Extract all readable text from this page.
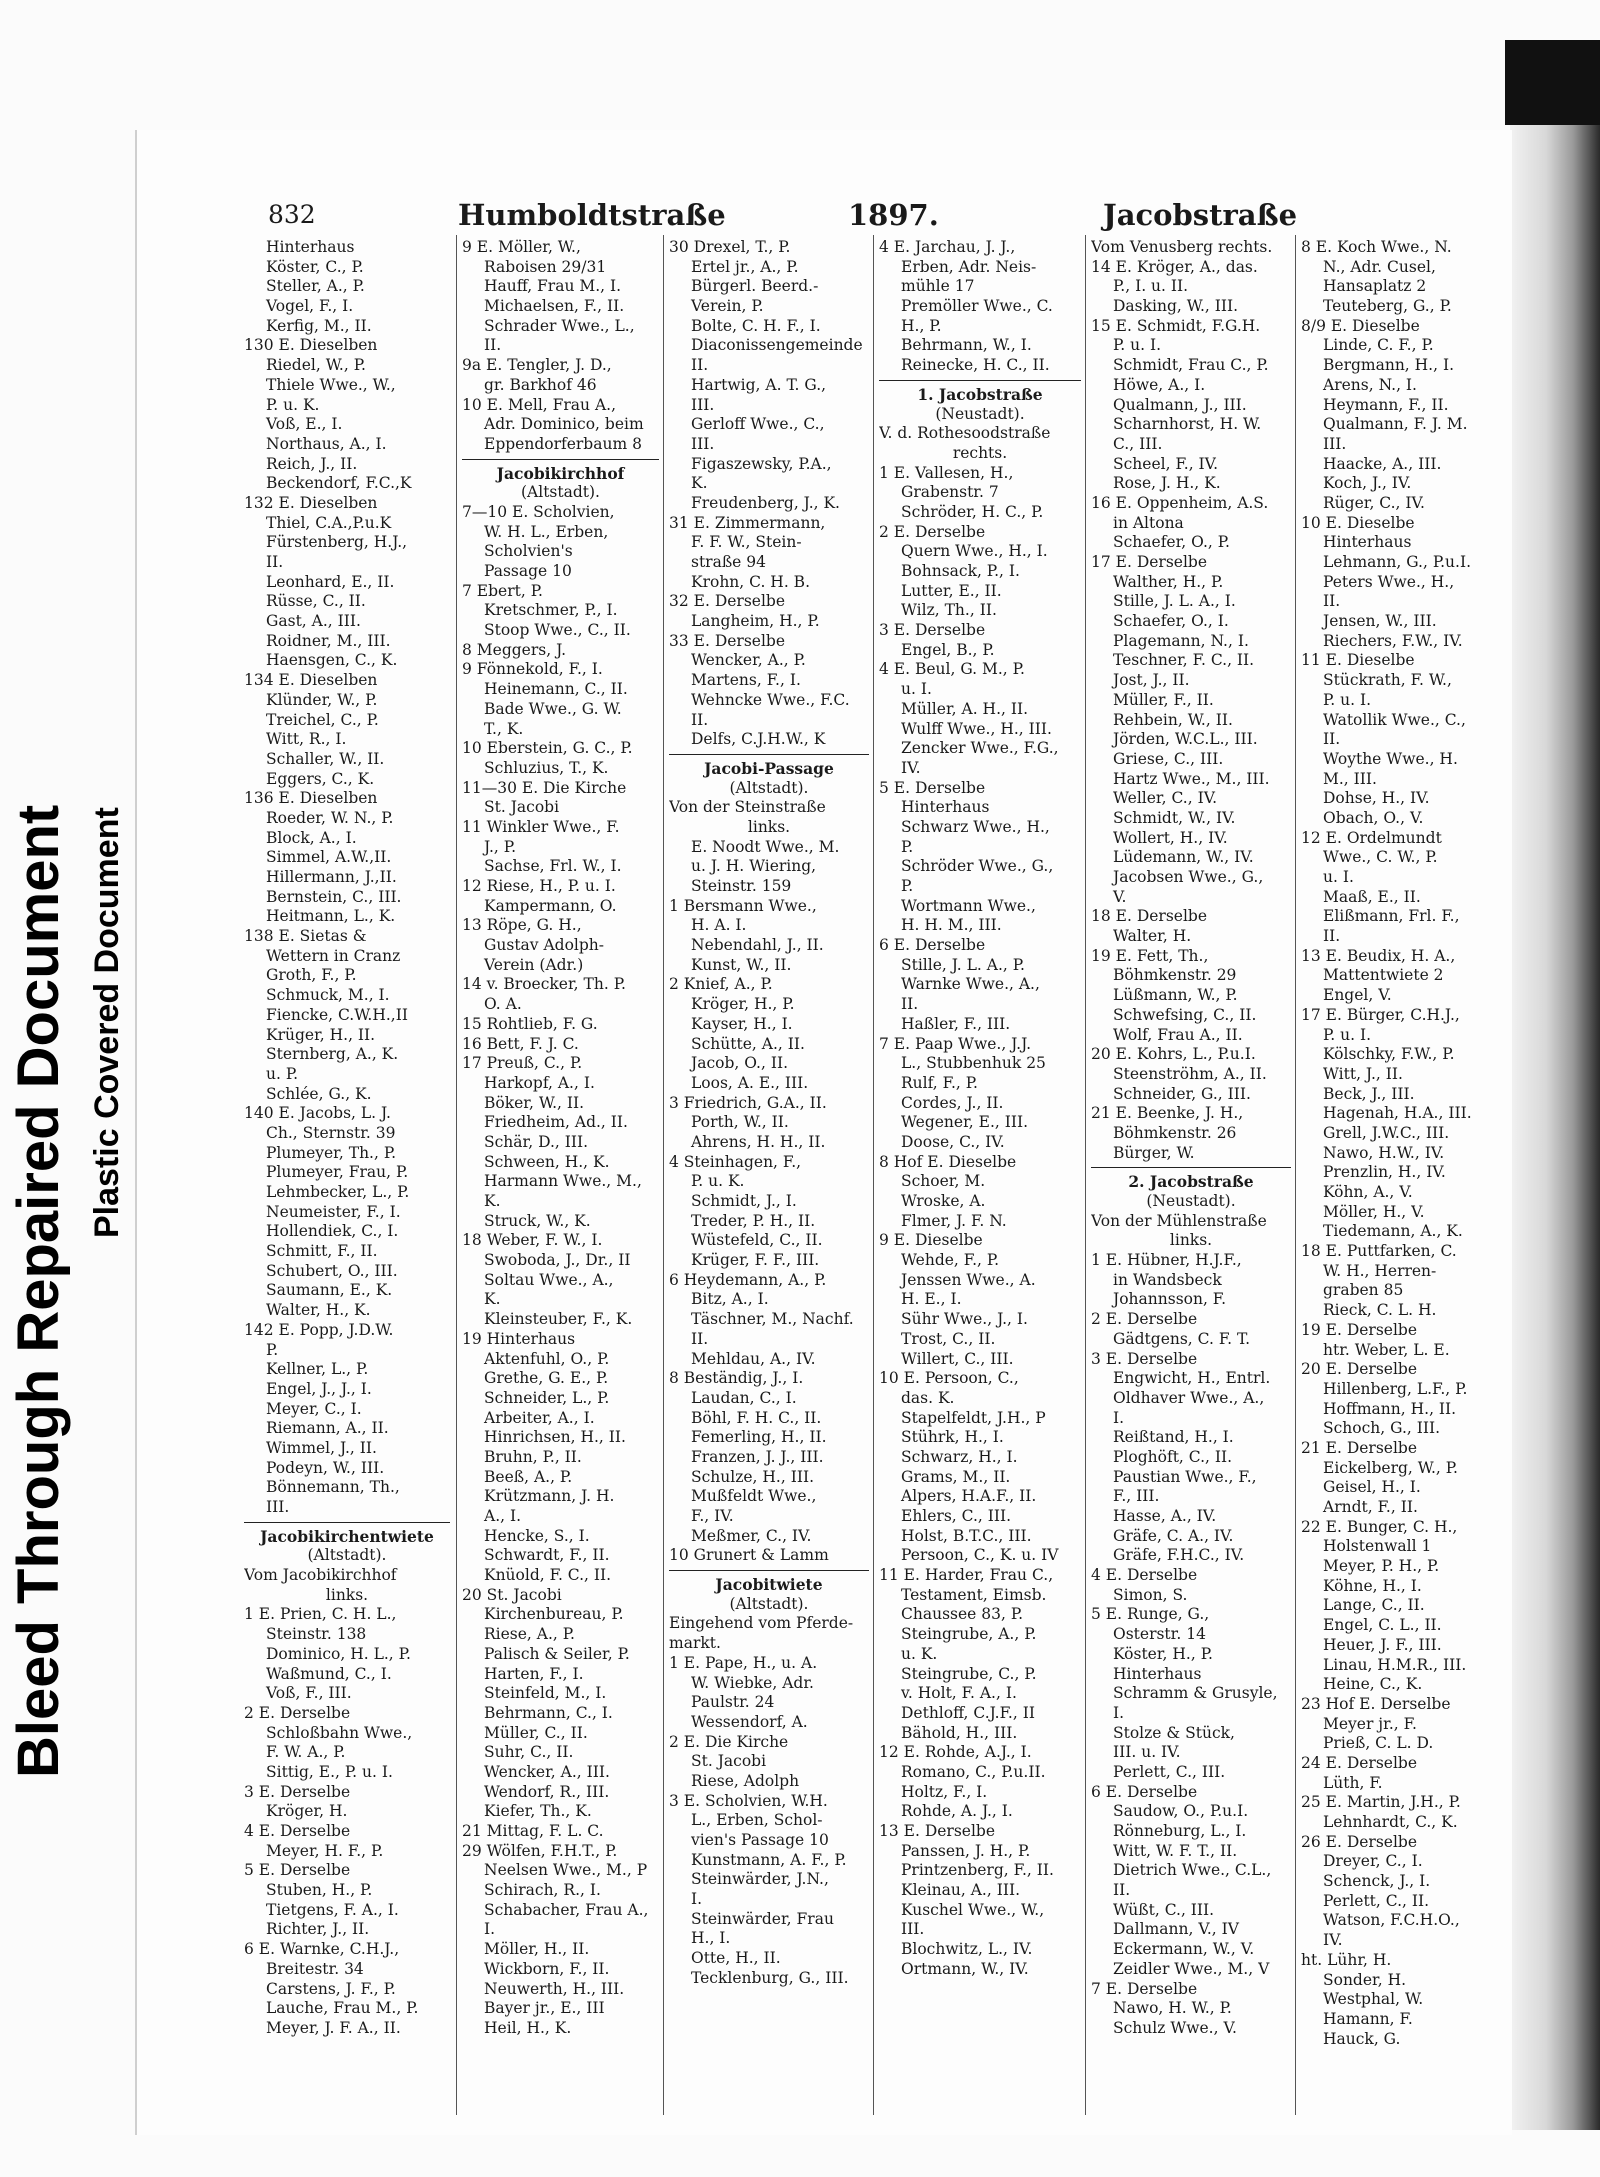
Bleed Through Repaired Document Plastic Covered Document
832	Humboldtstraße	1897.	Jacobstraße
Hinterhaus
Köster, C., P.
Steller, A., P.
Vogel, F., I.
Kerfig, M., II.
130 E. Dieselben
Riedel, W., P.
Thiele Wwe., W.,
P. u. K.
Voß, E., I.
Northaus, A., I.
Reich, J., II.
Beckendorf, F.C.,K
132 E. Dieselben
Thiel, C.A.,P.u.K
Fürstenberg, H.J.,
II.
Leonhard, E., II.
Rüsse, C., II.
Gast, A., III.
Roidner, M., III.
Haensgen, C., K.
134 E. Dieselben
Klünder, W., P.
Treichel, C., P.
Witt, R., I.
Schaller, W., II.
Eggers, C., K.
136 E. Dieselben
Roeder, W. N., P.
Block, A., I.
Simmel, A.W.,II.
Hillermann, J.,II.
Bernstein, C., III.
Heitmann, L., K.
138 E. Sietas &
Wettern in Cranz
Groth, F., P.
Schmuck, M., I.
Fiencke, C.W.H.,II
Krüger, H., II.
Sternberg, A., K.
u. P.
Schlée, G., K.
140 E. Jacobs, L. J.
Ch., Sternstr. 39
Plumeyer, Th., P.
Plumeyer, Frau, P.
Lehmbecker, L., P.
Neumeister, F., I.
Hollendiek, C., I.
Schmitt, F., II.
Schubert, O., III.
Saumann, E., K.
Walter, H., K.
142 E. Popp, J.D.W.
P.
Kellner, L., P.
Engel, J., J., I.
Meyer, C., I.
Riemann, A., II.
Wimmel, J., II.
Podeyn, W., III.
Bönnemann, Th.,
III.
Jacobikirchentwiete
(Altstadt).
Vom Jacobikirchhof
links.
1 E. Prien, C. H. L.,
Steinstr. 138
Dominico, H. L., P.
Waßmund, C., I.
Voß, F., III.
2 E. Derselbe
Schloßbahn Wwe.,
F. W. A., P.
Sittig, E., P. u. I.
3 E. Derselbe
Kröger, H.
4 E. Derselbe
Meyer, H. F., P.
5 E. Derselbe
Stuben, H., P.
Tietgens, F. A., I.
Richter, J., II.
6 E. Warnke, C.H.J.,
Breitestr. 34
Carstens, J. F., P.
Lauche, Frau M., P.
Meyer, J. F. A., II.
9 E. Möller, W.,
Raboisen 29/31
Hauff, Frau M., I.
Michaelsen, F., II.
Schrader Wwe., L.,
II.
9a E. Tengler, J. D.,
gr. Barkhof 46
10 E. Mell, Frau A.,
Adr. Dominico, beim
Eppendorferbaum 8
Jacobikirchhof
(Altstadt).
7—10 E. Scholvien,
W. H. L., Erben,
Scholvien's
Passage 10
7 Ebert, P.
Kretschmer, P., I.
Stoop Wwe., C., II.
8 Meggers, J.
9 Fönnekold, F., I.
Heinemann, C., II.
Bade Wwe., G. W.
T., K.
10 Eberstein, G. C., P.
Schluzius, T., K.
11—30 E. Die Kirche
St. Jacobi
11 Winkler Wwe., F.
J., P.
Sachse, Frl. W., I.
12 Riese, H., P. u. I.
Kampermann, O.
13 Röpe, G. H.,
Gustav Adolph-
Verein (Adr.)
14 v. Broecker, Th. P.
O. A.
15 Rohtlieb, F. G.
16 Bett, F. J. C.
17 Preuß, C., P.
Harkopf, A., I.
Böker, W., II.
Friedheim, Ad., II.
Schär, D., III.
Schween, H., K.
Harmann Wwe., M.,
K.
Struck, W., K.
18 Weber, F. W., I.
Swoboda, J., Dr., II
Soltau Wwe., A.,
K.
Kleinsteuber, F., K.
19 Hinterhaus
Aktenfuhl, O., P.
Grethe, G. E., P.
Schneider, L., P.
Arbeiter, A., I.
Hinrichsen, H., II.
Bruhn, P., II.
Beeß, A., P.
Krützmann, J. H.
A., I.
Hencke, S., I.
Schwardt, F., II.
Knüold, F. C., II.
20 St. Jacobi
Kirchenbureau, P.
Riese, A., P.
Palisch & Seiler, P.
Harten, F., I.
Steinfeld, M., I.
Behrmann, C., I.
Müller, C., II.
Suhr, C., II.
Wencker, A., III.
Wendorf, R., III.
Kiefer, Th., K.
21 Mittag, F. L. C.
29 Wölfen, F.H.T., P.
Neelsen Wwe., M., P
Schirach, R., I.
Schabacher, Frau A.,
I.
Möller, H., II.
Wickborn, F., II.
Neuwerth, H., III.
Bayer jr., E., III
Heil, H., K.
30 Drexel, T., P.
Ertel jr., A., P.
Bürgerl. Beerd.-
Verein, P.
Bolte, C. H. F., I.
Diaconissengemeinde
II.
Hartwig, A. T. G.,
III.
Gerloff Wwe., C.,
III.
Figaszewsky, P.A.,
K.
Freudenberg, J., K.
31 E. Zimmermann,
F. F. W., Stein-
straße 94
Krohn, C. H. B.
32 E. Derselbe
Langheim, H., P.
33 E. Derselbe
Wencker, A., P.
Martens, F., I.
Wehncke Wwe., F.C.
II.
Delfs, C.J.H.W., K
Jacobi-Passage
(Altstadt).
Von der Steinstraße
links.
E. Noodt Wwe., M.
u. J. H. Wiering,
Steinstr. 159
1 Bersmann Wwe.,
H. A. I.
Nebendahl, J., II.
Kunst, W., II.
2 Knief, A., P.
Kröger, H., P.
Kayser, H., I.
Schütte, A., II.
Jacob, O., II.
Loos, A. E., III.
3 Friedrich, G.A., II.
Porth, W., II.
Ahrens, H. H., II.
4 Steinhagen, F.,
P. u. K.
Schmidt, J., I.
Treder, P. H., II.
Wüstefeld, C., II.
Krüger, F. F., III.
6 Heydemann, A., P.
Bitz, A., I.
Täschner, M., Nachf.
II.
Mehldau, A., IV.
8 Beständig, J., I.
Laudan, C., I.
Böhl, F. H. C., II.
Femerling, H., II.
Franzen, J. J., III.
Schulze, H., III.
Mußfeldt Wwe.,
F., IV.
Meßmer, C., IV.
10 Grunert & Lamm
Jacobitwiete
(Altstadt).
Eingehend vom Pferde-
markt.
1 E. Pape, H., u. A.
W. Wiebke, Adr.
Paulstr. 24
Wessendorf, A.
2 E. Die Kirche
St. Jacobi
Riese, Adolph
3 E. Scholvien, W.H.
L., Erben, Schol-
vien's Passage 10
Kunstmann, A. F., P.
Steinwärder, J.N.,
I.
Steinwärder, Frau
H., I.
Otte, H., II.
Tecklenburg, G., III.
4 E. Jarchau, J. J.,
Erben, Adr. Neis-
mühle 17
Premöller Wwe., C.
H., P.
Behrmann, W., I.
Reinecke, H. C., II.
1. Jacobstraße
(Neustadt).
V. d. Rothesoodstraße
rechts.
1 E. Vallesen, H.,
Grabenstr. 7
Schröder, H. C., P.
2 E. Derselbe
Quern Wwe., H., I.
Bohnsack, P., I.
Lutter, E., II.
Wilz, Th., II.
3 E. Derselbe
Engel, B., P.
4 E. Beul, G. M., P.
u. I.
Müller, A. H., II.
Wulff Wwe., H., III.
Zencker Wwe., F.G.,
IV.
5 E. Derselbe
Hinterhaus
Schwarz Wwe., H.,
P.
Schröder Wwe., G.,
P.
Wortmann Wwe.,
H. H. M., III.
6 E. Derselbe
Stille, J. L. A., P.
Warnke Wwe., A.,
II.
Haßler, F., III.
7 E. Paap Wwe., J.J.
L., Stubbenhuk 25
Rulf, F., P.
Cordes, J., II.
Wegener, E., III.
Doose, C., IV.
8 Hof E. Dieselbe
Schoer, M.
Wroske, A.
Flmer, J. F. N.
9 E. Dieselbe
Wehde, F., P.
Jenssen Wwe., A.
H. E., I.
Sühr Wwe., J., I.
Trost, C., II.
Willert, C., III.
10 E. Persoon, C.,
das. K.
Stapelfeldt, J.H., P
Stührk, H., I.
Schwarz, H., I.
Grams, M., II.
Alpers, H.A.F., II.
Ehlers, C., III.
Holst, B.T.C., III.
Persoon, C., K. u. IV
11 E. Harder, Frau C.,
Testament, Eimsb.
Chaussee 83, P.
Steingrube, A., P.
u. K.
Steingrube, C., P.
v. Holt, F. A., I.
Dethloff, C.J.F., II
Bähold, H., III.
12 E. Rohde, A.J., I.
Romano, C., P.u.II.
Holtz, F., I.
Rohde, A. J., I.
13 E. Derselbe
Panssen, J. H., P.
Printzenberg, F., II.
Kleinau, A., III.
Kuschel Wwe., W.,
III.
Blochwitz, L., IV.
Ortmann, W., IV.
Vom Venusberg rechts.
14 E. Kröger, A., das.
P., I. u. II.
Dasking, W., III.
15 E. Schmidt, F.G.H.
P. u. I.
Schmidt, Frau C., P.
Höwe, A., I.
Qualmann, J., III.
Scharnhorst, H. W.
C., III.
Scheel, F., IV.
Rose, J. H., K.
16 E. Oppenheim, A.S.
in Altona
Schaefer, O., P.
17 E. Derselbe
Walther, H., P.
Stille, J. L. A., I.
Schaefer, O., I.
Plagemann, N., I.
Teschner, F. C., II.
Jost, J., II.
Müller, F., II.
Rehbein, W., II.
Jörden, W.C.L., III.
Griese, C., III.
Hartz Wwe., M., III.
Weller, C., IV.
Schmidt, W., IV.
Wollert, H., IV.
Lüdemann, W., IV.
Jacobsen Wwe., G.,
V.
18 E. Derselbe
Walter, H.
19 E. Fett, Th.,
Böhmkenstr. 29
Lüßmann, W., P.
Schwefsing, C., II.
Wolf, Frau A., II.
20 E. Kohrs, L., P.u.I.
Steenströhm, A., II.
Schneider, G., III.
21 E. Beenke, J. H.,
Böhmkenstr. 26
Bürger, W.
2. Jacobstraße
(Neustadt).
Von der Mühlenstraße
links.
1 E. Hübner, H.J.F.,
in Wandsbeck
Johannsson, F.
2 E. Derselbe
Gädtgens, C. F. T.
3 E. Derselbe
Engwicht, H., Entrl.
Oldhaver Wwe., A.,
I.
Reißtand, H., I.
Ploghöft, C., II.
Paustian Wwe., F.,
F., III.
Hasse, A., IV.
Gräfe, C. A., IV.
Gräfe, F.H.C., IV.
4 E. Derselbe
Simon, S.
5 E. Runge, G.,
Osterstr. 14
Köster, H., P.
Hinterhaus
Schramm & Grusyle,
I.
Stolze & Stück,
III. u. IV.
Perlett, C., III.
6 E. Derselbe
Saudow, O., P.u.I.
Rönneburg, L., I.
Witt, W. F. T., II.
Dietrich Wwe., C.L.,
II.
Wüßt, C., III.
Dallmann, V., IV
Eckermann, W., V.
Zeidler Wwe., M., V
7 E. Derselbe
Nawo, H. W., P.
Schulz Wwe., V.
8 E. Koch Wwe., N.
N., Adr. Cusel,
Hansaplatz 2
Teuteberg, G., P.
8/9 E. Dieselbe
Linde, C. F., P.
Bergmann, H., I.
Arens, N., I.
Heymann, F., II.
Qualmann, F. J. M.
III.
Haacke, A., III.
Koch, J., IV.
Rüger, C., IV.
10 E. Dieselbe
Hinterhaus
Lehmann, G., P.u.I.
Peters Wwe., H.,
II.
Jensen, W., III.
Riechers, F.W., IV.
11 E. Dieselbe
Stückrath, F. W.,
P. u. I.
Watollik Wwe., C.,
II.
Woythe Wwe., H.
M., III.
Dohse, H., IV.
Obach, O., V.
12 E. Ordelmundt
Wwe., C. W., P.
u. I.
Maaß, E., II.
Elißmann, Frl. F.,
II.
13 E. Beudix, H. A.,
Mattentwiete 2
Engel, V.
17 E. Bürger, C.H.J.,
P. u. I.
Kölschky, F.W., P.
Witt, J., II.
Beck, J., III.
Hagenah, H.A., III.
Grell, J.W.C., III.
Nawo, H.W., IV.
Prenzlin, H., IV.
Köhn, A., V.
Möller, H., V.
Tiedemann, A., K.
18 E. Puttfarken, C.
W. H., Herren-
graben 85
Rieck, C. L. H.
19 E. Derselbe
htr. Weber, L. E.
20 E. Derselbe
Hillenberg, L.F., P.
Hoffmann, H., II.
Schoch, G., III.
21 E. Derselbe
Eickelberg, W., P.
Geisel, H., I.
Arndt, F., II.
22 E. Bunger, C. H.,
Holstenwall 1
Meyer, P. H., P.
Köhne, H., I.
Lange, C., II.
Engel, C. L., II.
Heuer, J. F., III.
Linau, H.M.R., III.
Heine, C., K.
23 Hof E. Derselbe
Meyer jr., F.
Prieß, C. L. D.
24 E. Derselbe
Lüth, F.
25 E. Martin, J.H., P.
Lehnhardt, C., K.
26 E. Derselbe
Dreyer, C., I.
Schenck, J., I.
Perlett, C., II.
Watson, F.C.H.O.,
IV.
ht. Lühr, H.
Sonder, H.
Westphal, W.
Hamann, F.
Hauck, G.
